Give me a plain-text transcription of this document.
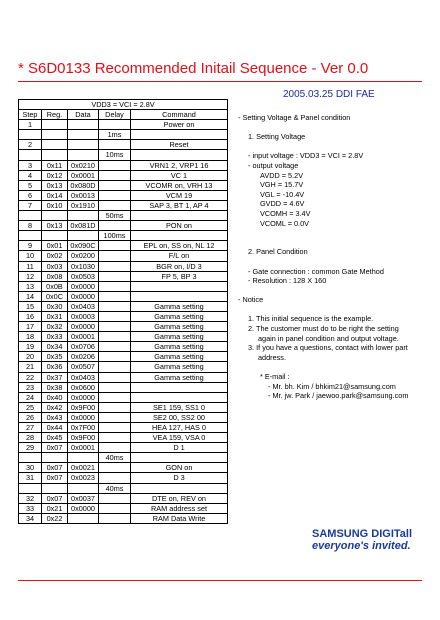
* S6D0133 Recommended Initail Sequence - Ver 0.0
2005.03.25 DDI FAE
VDD3 = VCI = 2.8V				
Step	Reg.	Data	Delay	Command
1				Power on
			1ms	
2				Reset
			10ms	
3	0x11	0x0210		VRN1 2, VRP1 16
4	0x12	0x0001		VC 1
5	0x13	0x080D		VCOMR on, VRH 13
6	0x14	0x0013		VCM 19
7	0x10	0x1910		SAP 3, BT 1, AP 4
			50ms	
8	0x13	0x081D		PON on
			100ms	
9	0x01	0x090C		EPL on, SS on, NL 12
10	0x02	0x0200		F/L on
11	0x03	0x1030		BGR on, I/D 3
12	0x08	0x0503		FP 5, BP 3
13	0x0B	0x0000		
14	0x0C	0x0000		
15	0x30	0x0403		Gamma setting
16	0x31	0x0003		Gamma setting
17	0x32	0x0000		Gamma setting
18	0x33	0x0001		Gamma setting
19	0x34	0x0706		Gamma setting
20	0x35	0x0206		Gamma setting
21	0x36	0x0507		Gamma setting
22	0x37	0x0403		Gamma setting
23	0x38	0x0600		
24	0x40	0x0000		
25	0x42	0x9F00		SE1 159, SS1 0
26	0x43	0x0000		SE2 00, SS2 00
27	0x44	0x7F00		HEA 127, HAS 0
28	0x45	0x9F00		VEA 159, VSA 0
29	0x07	0x0001		D 1
			40ms	
30	0x07	0x0021		GON on
31	0x07	0x0023		D 3
			40ms	
32	0x07	0x0037		DTE on, REV on
33	0x21	0x0000		RAM address set
34	0x22			RAM Data Write
- Setting Voltage & Panel condition
1. Setting Voltage
- input voltage : VDD3 = VCI = 2.8V
- output voltage
AVDD = 5.2V
VGH = 15.7V
VGL = -10.4V
GVDD = 4.6V
VCOMH = 3.4V
VCOML = 0.0V
2. Panel Condition
- Gate connection : common Gate Method
- Resolution : 128 X 160
- Notice
1. This initial sequence is the example.
2. The customer must do to be right the setting
again in panel condition and output voltage.
3. If you have a questions, contact with lower part
address.
* E-mail :
- Mr. bh. Kim / bhkim21@samsung.com
- Mr. jw. Park / jaewoo.park@samsung.com
SAMSUNG DIGITall
everyone's invited.
